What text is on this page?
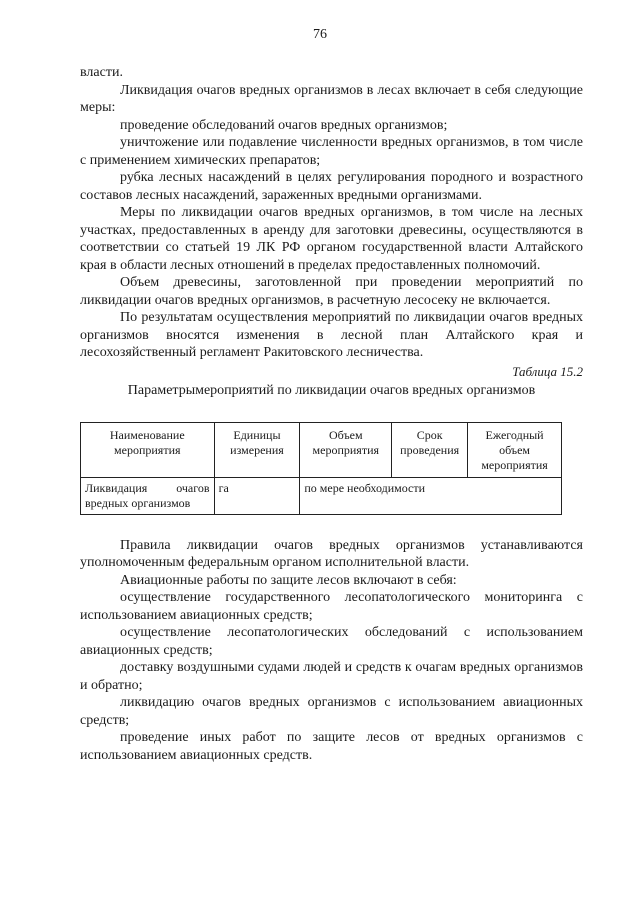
76

власти.

Ликвидация очагов вредных организмов в лесах включает в себя следующие меры:

проведение обследований очагов вредных организмов;

уничтожение или подавление численности вредных организмов, в том числе с применением химических препаратов;

рубка лесных насаждений в целях регулирования породного и возрастного составов лесных насаждений, зараженных вредными организмами.

Меры по ликвидации очагов вредных организмов, в том числе на лесных участках, предоставленных в аренду для заготовки древесины, осуществляются в соответствии со статьей 19 ЛК РФ органом государственной власти Алтайского края в области лесных отношений в пределах предоставленных полномочий.

Объем древесины, заготовленной при проведении мероприятий по ликвидации очагов вредных организмов, в расчетную лесосеку не включается.

По результатам осуществления мероприятий по ликвидации очагов вредных организмов вносятся изменения в лесной план Алтайского края и лесохозяйственный регламент Ракитовского лесничества.

Таблица 15.2
Параметрымероприятий по ликвидации очагов вредных организмов
Наименование мероприятия	Единицы измерения	Объем мероприятия	Срок проведения	Ежегодный объем мероприятия
Ликвидация очагов вредных организмов	га	по мере необходимости		

Правила ликвидации очагов вредных организмов устанавливаются уполномоченным федеральным органом исполнительной власти.

Авиационные работы по защите лесов включают в себя:

осуществление государственного лесопатологического мониторинга с использованием авиационных средств;

осуществление лесопатологических обследований с использованием авиационных средств;

доставку воздушными судами людей и средств к очагам вредных организмов и обратно;

ликвидацию очагов вредных организмов с использованием авиационных средств;

проведение иных работ по защите лесов от вредных организмов с использованием авиационных средств.
